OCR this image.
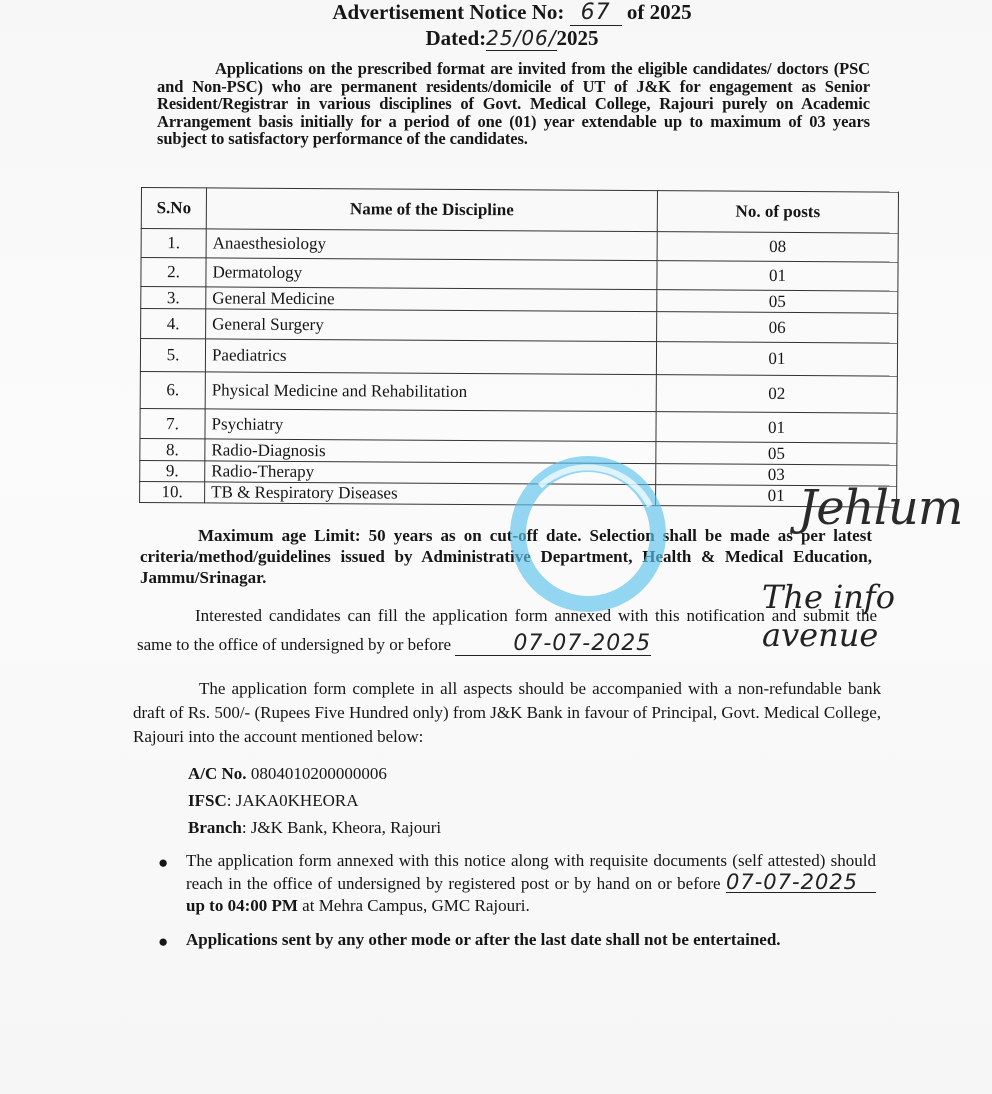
Advertisement Notice No: 67 of 2025
Dated:25/06/2025
Applications on the prescribed format are invited from the eligible candidates/ doctors (PSC and Non-PSC) who are permanent residents/domicile of UT of J&K for engagement as Senior Resident/Registrar in various disciplines of Govt. Medical College, Rajouri purely on Academic Arrangement basis initially for a period of one (01) year extendable up to maximum of 03 years subject to satisfactory performance of the candidates.
S.No	Name of the Discipline	No. of posts
1.	Anaesthesiology	08
2.	Dermatology	01
3.	General Medicine	05
4.	General Surgery	06
5.	Paediatrics	01
6.	Physical Medicine and Rehabilitation	02
7.	Psychiatry	01
8.	Radio-Diagnosis	05
9.	Radio-Therapy	03
10.	TB & Respiratory Diseases	01
Maximum age Limit: 50 years as on cut-off date. Selection shall be made as per latest criteria/method/guidelines issued by Administrative Department, Health & Medical Education, Jammu/Srinagar.
Interested candidates can fill the application form annexed with this notification and submit the same to the office of undersigned by or before	07-07-2025
The application form complete in all aspects should be accompanied with a non-refundable bank draft of Rs. 500/- (Rupees Five Hundred only) from J&K Bank in favour of Principal, Govt. Medical College, Rajouri into the account mentioned below:
A/C No. 0804010200000006
IFSC: JAKA0KHEORA
Branch: J&K Bank, Kheora, Rajouri
● The application form annexed with this notice along with requisite documents (self attested) should reach in the office of undersigned by registered post or by hand on or before 07-07-2025 up to 04:00 PM at Mehra Campus, GMC Rajouri.
● Applications sent by any other mode or after the last date shall not be entertained.
Jehlum
The info avenue
